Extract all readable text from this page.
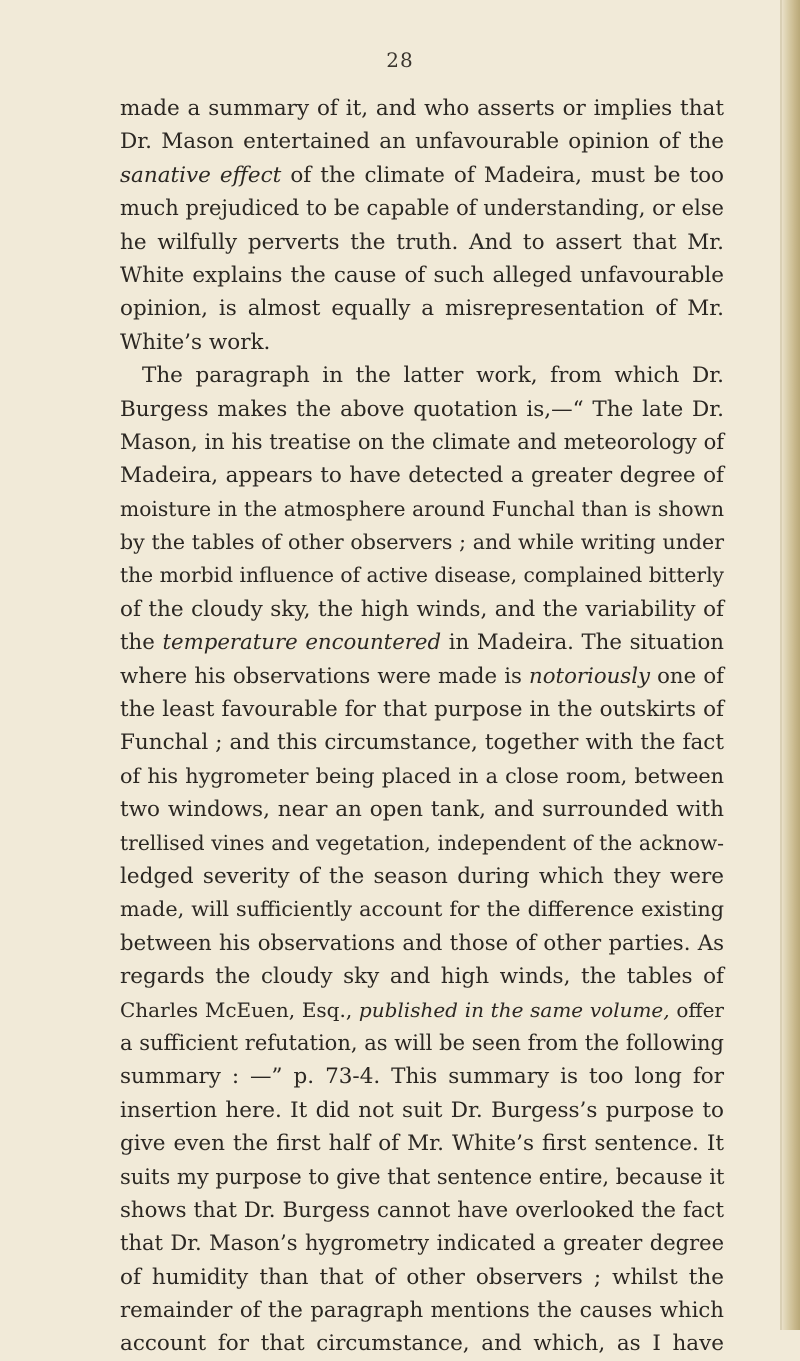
28
made a summary of it, and who asserts or implies that
Dr. Mason entertained an unfavourable opinion of the
sanative effect of the climate of Madeira, must be too
much prejudiced to be capable of understanding, or else
he wilfully perverts the truth. And to assert that Mr.
White explains the cause of such alleged unfavourable
opinion, is almost equally a misrepresentation of Mr.
White’s work.
The paragraph in the latter work, from which Dr.
Burgess makes the above quotation is,—“ The late Dr.
Mason, in his treatise on the climate and meteorology of
Madeira, appears to have detected a greater degree of
moisture in the atmosphere around Funchal than is shown
by the tables of other observers ; and while writing under
the morbid influence of active disease, complained bitterly
of the cloudy sky, the high winds, and the variability of
the temperature encountered in Madeira. The situation
where his observations were made is notoriously one of
the least favourable for that purpose in the outskirts of
Funchal ; and this circumstance, together with the fact
of his hygrometer being placed in a close room, between
two windows, near an open tank, and surrounded with
trellised vines and vegetation, independent of the acknow-
ledged severity of the season during which they were
made, will sufficiently account for the difference existing
between his observations and those of other parties. As
regards the cloudy sky and high winds, the tables of
Charles McEuen, Esq., published in the same volume, offer
a sufficient refutation, as will be seen from the following
summary : —” p. 73-4. This summary is too long for
insertion here. It did not suit Dr. Burgess’s purpose to
give even the first half of Mr. White’s first sentence. It
suits my purpose to give that sentence entire, because it
shows that Dr. Burgess cannot have overlooked the fact
that Dr. Mason’s hygrometry indicated a greater degree
of humidity than that of other observers ; whilst the
remainder of the paragraph mentions the causes which
account for that circumstance, and which, as I have
